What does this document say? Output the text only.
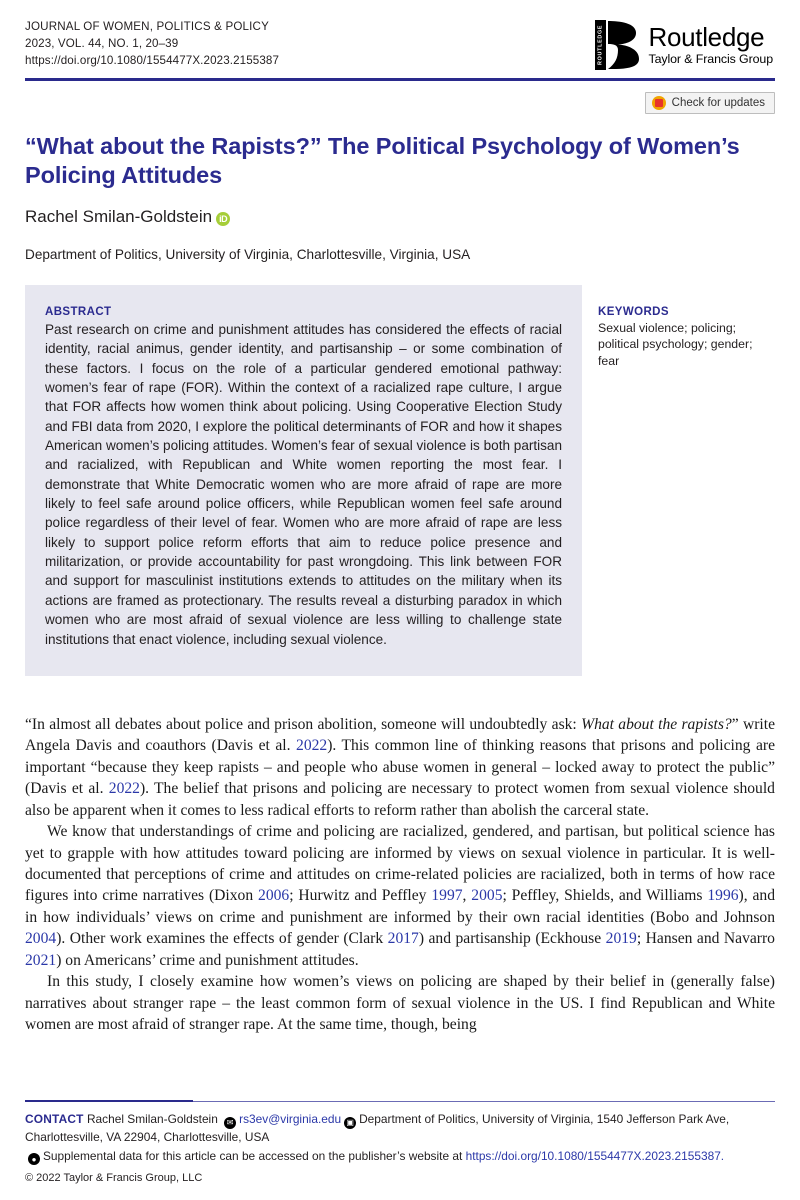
JOURNAL OF WOMEN, POLITICS & POLICY
2023, VOL. 44, NO. 1, 20–39
https://doi.org/10.1080/1554477X.2023.2155387	ROUTLEDGE Routledge
Taylor & Francis Group
Check for updates
“What about the Rapists?” The Political Psychology of Women’s Policing Attitudes
Rachel Smilan-Goldstein iD
Department of Politics, University of Virginia, Charlottesville, Virginia, USA
ABSTRACT

Past research on crime and punishment attitudes has considered the effects of racial identity, racial animus, gender identity, and partisanship – or some combination of these factors. I focus on the role of a particular gendered emotional pathway: women’s fear of rape (FOR). Within the context of a racialized rape culture, I argue that FOR affects how women think about policing. Using Cooperative Election Study and FBI data from 2020, I explore the political determinants of FOR and how it shapes American women’s policing attitudes. Women’s fear of sexual violence is both partisan and racialized, with Republican and White women reporting the most fear. I demonstrate that White Democratic women who are more afraid of rape are more likely to feel safe around police officers, while Republican women feel safe around police regardless of their level of fear. Women who are more afraid of rape are less likely to support police reform efforts that aim to reduce police presence and militarization, or provide accountability for past wrongdoing. This link between FOR and support for masculinist institutions extends to attitudes on the military when its actions are framed as protectionary. The results reveal a disturbing paradox in which women who are most afraid of sexual violence are less willing to challenge state institutions that enact violence, including sexual violence.

KEYWORDS
Sexual violence; policing; political psychology; gender; fear

“In almost all debates about police and prison abolition, someone will undoubtedly ask: What about the rapists?” write Angela Davis and coauthors (Davis et al. 2022). This common line of thinking reasons that prisons and policing are important “because they keep rapists – and people who abuse women in general – locked away to protect the public” (Davis et al. 2022). The belief that prisons and policing are necessary to protect women from sexual violence should also be apparent when it comes to less radical efforts to reform rather than abolish the carceral state.

We know that understandings of crime and policing are racialized, gendered, and partisan, but political science has yet to grapple with how attitudes toward policing are informed by views on sexual violence in particular. It is well-documented that perceptions of crime and attitudes on crime-related policies are racialized, both in terms of how race figures into crime narratives (Dixon 2006; Hurwitz and Peffley 1997, 2005; Peffley, Shields, and Williams 1996), and in how individuals’ views on crime and punishment are informed by their own racial identities (Bobo and Johnson 2004). Other work examines the effects of gender (Clark 2017) and partisanship (Eckhouse 2019; Hansen and Navarro 2021) on Americans’ crime and punishment attitudes.

In this study, I closely examine how women’s views on policing are shaped by their belief in (generally false) narratives about stranger rape – the least common form of sexual violence in the US. I find Republican and White women are most afraid of stranger rape. At the same time, though, being

CONTACT Rachel Smilan-Goldstein ✉ rs3ev@virginia.edu ▣ Department of Politics, University of Virginia, 1540 Jefferson Park Ave, Charlottesville, VA 22904, Charlottesville, USA
● Supplemental data for this article can be accessed on the publisher’s website at https://doi.org/10.1080/1554477X.2023.2155387.
© 2022 Taylor & Francis Group, LLC
